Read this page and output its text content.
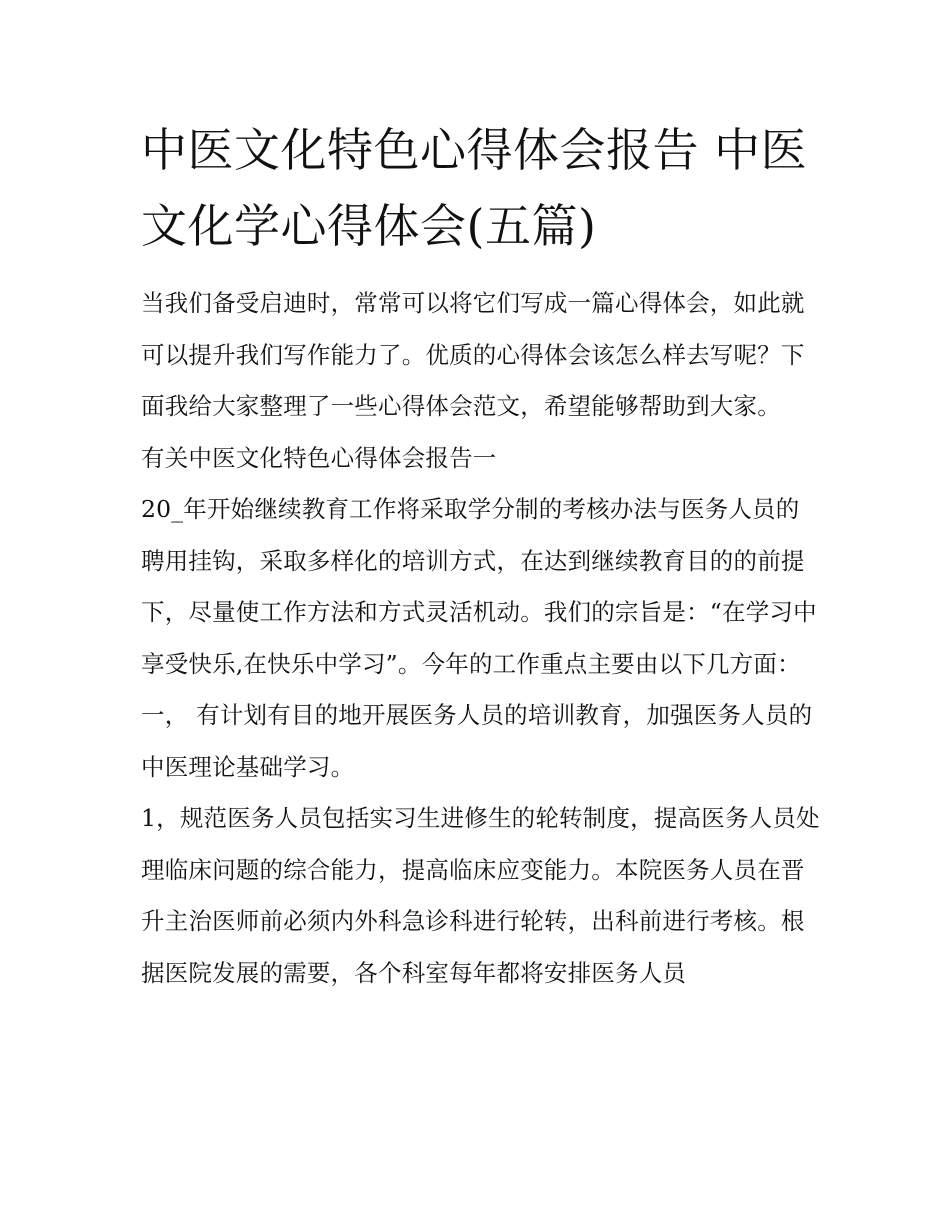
中医文化特色心得体会报告 中医文化学心得体会(五篇)

当我们备受启迪时，常常可以将它们写成一篇心得体会，如此就可以提升我们写作能力了。优质的心得体会该怎么样去写呢？下面我给大家整理了一些心得体会范文，希望能够帮助到大家。

有关中医文化特色心得体会报告一

20_年开始继续教育工作将采取学分制的考核办法与医务人员的聘用挂钩，采取多样化的培训方式，在达到继续教育目的的前提下，尽量使工作方法和方式灵活机动。我们的宗旨是：“在学习中享受快乐,在快乐中学习”。今年的工作重点主要由以下几方面：

一， 有计划有目的地开展医务人员的培训教育，加强医务人员的中医理论基础学习。

1，规范医务人员包括实习生进修生的轮转制度，提高医务人员处理临床问题的综合能力，提高临床应变能力。本院医务人员在晋升主治医师前必须内外科急诊科进行轮转，出科前进行考核。根据医院发展的需要，各个科室每年都将安排医务人员
